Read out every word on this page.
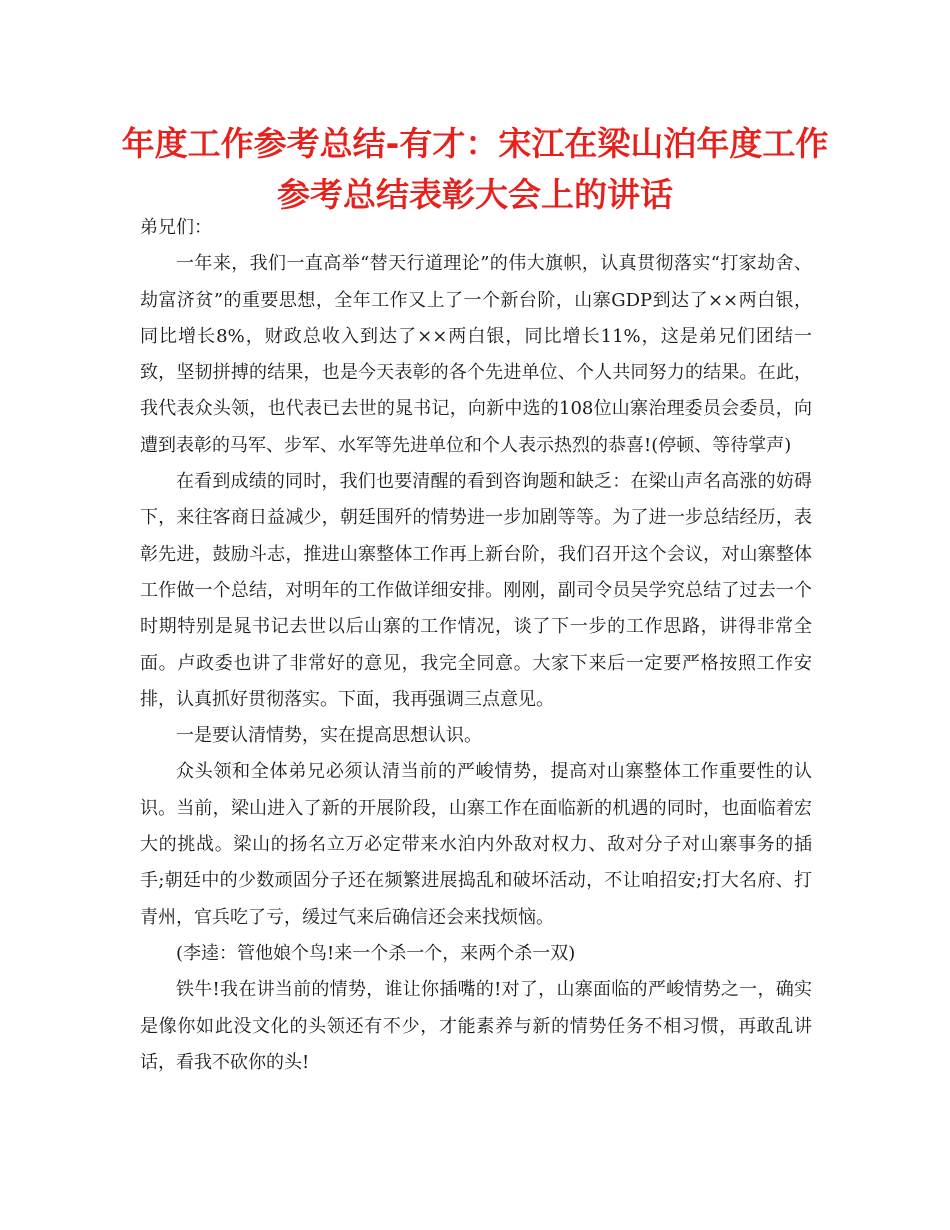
年度工作参考总结-有才：宋江在梁山泊年度工作参考总结表彰大会上的讲话

弟兄们：

一年来，我们一直高举“替天行道理论”的伟大旗帜，认真贯彻落实“打家劫舍、劫富济贫”的重要思想，全年工作又上了一个新台阶，山寨GDP到达了××两白银，同比增长8%，财政总收入到达了××两白银，同比增长11%，这是弟兄们团结一致，坚韧拼搏的结果，也是今天表彰的各个先进单位、个人共同努力的结果。在此，我代表众头领，也代表已去世的晁书记，向新中选的108位山寨治理委员会委员，向遭到表彰的马军、步军、水军等先进单位和个人表示热烈的恭喜!(停顿、等待掌声)

在看到成绩的同时，我们也要清醒的看到咨询题和缺乏：在梁山声名高涨的妨碍下，来往客商日益减少，朝廷围歼的情势进一步加剧等等。为了进一步总结经历，表彰先进，鼓励斗志，推进山寨整体工作再上新台阶，我们召开这个会议，对山寨整体工作做一个总结，对明年的工作做详细安排。刚刚，副司令员吴学究总结了过去一个时期特别是晁书记去世以后山寨的工作情况，谈了下一步的工作思路，讲得非常全面。卢政委也讲了非常好的意见，我完全同意。大家下来后一定要严格按照工作安排，认真抓好贯彻落实。下面，我再强调三点意见。

一是要认清情势，实在提高思想认识。

众头领和全体弟兄必须认清当前的严峻情势，提高对山寨整体工作重要性的认识。当前，梁山进入了新的开展阶段，山寨工作在面临新的机遇的同时，也面临着宏大的挑战。梁山的扬名立万必定带来水泊内外敌对权力、敌对分子对山寨事务的插手;朝廷中的少数顽固分子还在频繁进展捣乱和破坏活动，不让咱招安;打大名府、打青州，官兵吃了亏，缓过气来后确信还会来找烦恼。

(李逵：管他娘个鸟!来一个杀一个，来两个杀一双)

铁牛!我在讲当前的情势，谁让你插嘴的!对了，山寨面临的严峻情势之一，确实是像你如此没文化的头领还有不少，才能素养与新的情势任务不相习惯，再敢乱讲话，看我不砍你的头!
